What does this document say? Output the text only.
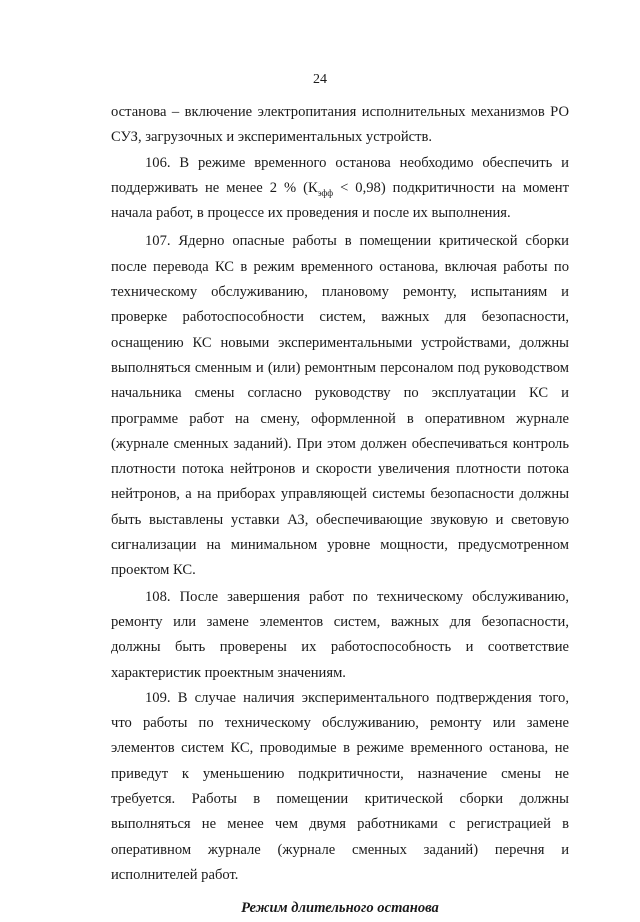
24

останова – включение электропитания исполнительных механизмов РО СУЗ, загрузочных и экспериментальных устройств.

106. В режиме временного останова необходимо обеспечить и поддерживать не менее 2 % $(К_{эфф} < 0,98)$ подкритичности на момент начала работ, в процессе их проведения и после их выполнения.

107. Ядерно опасные работы в помещении критической сборки после перевода КС в режим временного останова, включая работы по техническому обслуживанию, плановому ремонту, испытаниям и проверке работоспособности систем, важных для безопасности, оснащению КС новыми экспериментальными устройствами, должны выполняться сменным и (или) ремонтным персоналом под руководством начальника смены согласно руководству по эксплуатации КС и программе работ на смену, оформленной в оперативном журнале (журнале сменных заданий). При этом должен обеспечиваться контроль плотности потока нейтронов и скорости увеличения плотности потока нейтронов, а на приборах управляющей системы безопасности должны быть выставлены уставки АЗ, обеспечивающие звуковую и световую сигнализации на минимальном уровне мощности, предусмотренном проектом КС.

108. После завершения работ по техническому обслуживанию, ремонту или замене элементов систем, важных для безопасности, должны быть проверены их работоспособность и соответствие характеристик проектным значениям.

109. В случае наличия экспериментального подтверждения того, что работы по техническому обслуживанию, ремонту или замене элементов систем КС, проводимые в режиме временного останова, не приведут к уменьшению подкритичности, назначение смены не требуется. Работы в помещении критической сборки должны выполняться не менее чем двумя работниками с регистрацией в оперативном журнале (журнале сменных заданий) перечня и исполнителей работ.

Режим длительного останова
